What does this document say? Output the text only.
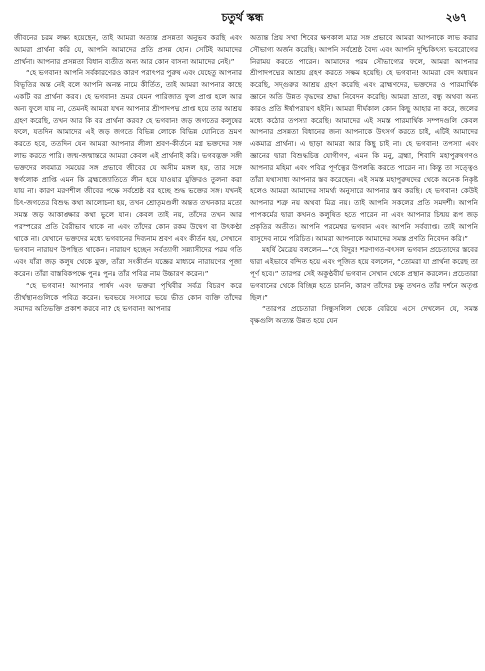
চতুর্থ স্কন্ধ	২৬৭

জীবনের চরম লক্ষ্য হয়েছেন, তাই আমরা অত্যন্ত প্রসন্নতা অনুভব করছি এবং আমরা প্রার্থনা করি যে, আপনি আমাদের প্রতি প্রসন্ন হোন। সেটিই আমাদের প্রার্থনা। আপনার প্রসন্নতা বিধান ব্যতীত অন্য আর কোন বাসনা আমাদের নেই।”

“হে ভগবান! আপনি সর্বকারণেরও কারণ পরাৎপর পুরুষ এবং যেহেতু আপনার বিভূতির অন্ত নেই বলে আপনি অনন্ত নামে কীর্তিত, তাই আমরা আপনার কাছে একটি বর প্রার্থনা করব। হে ভগবান! ভ্রমর যেমন পারিজাত ফুল প্রাপ্ত হলে আর অন্য ফুলে যায় না, তেমনই আমরা যখন আপনার শ্রীপাদপদ্ম প্রাপ্ত হয়ে তার আশ্রয় গ্রহণ করেছি, তখন আর কি বর প্রার্থনা করব? হে ভগবান! জড় জগতের কলুষের ফলে, যতদিন আমাদের এই জড় জগতে বিভিন্ন লোকে বিভিন্ন যোনিতে ভ্রমণ করতে হবে, ততদিন যেন আমরা আপনার লীলা শ্রবণ-কীর্তনে মগ্ন ভক্তদের সঙ্গ লাভ করতে পারি। জন্ম-জন্মান্তরে আমরা কেবল এই প্রার্থনাই করি। ভগবদ্ভক্ত সঙ্গী ভক্তদের লবমাত্র সময়ের সঙ্গ প্রভাবে জীবের যে অসীম মঙ্গল হয়, তার সঙ্গে স্বর্গলোক প্রাপ্তি এমন কি ব্রহ্মজ্যোতিতে লীন হয়ে যাওয়ার মুক্তিরও তুলনা করা যায় না। কারণ মরণশীল জীবের পক্ষে সর্বশ্রেষ্ঠ বর হচ্ছে শুদ্ধ ভক্তের সঙ্গ। যখনই চিৎ-জগতের বিশুদ্ধ কথা আলোচনা হয়, তখন শ্রোতৃমণ্ডলী অন্তত তখনকার মতো সমস্ত জড় আকাঙ্ক্ষার কথা ভুলে যান। কেবল তাই নয়, তাঁদের তখন আর পরস্পরের প্রতি বৈরীভাব থাকে না এবং তাঁদের কোন রকম উদ্বেগ বা উৎকণ্ঠা থাকে না। যেখানে ভক্তদের মধ্যে ভগবানের দিব্যনাম শ্রবণ এবং কীর্তন হয়, সেখানে ভগবান নারায়ণ উপস্থিত থাকেন। নারায়ণ হচ্ছেন সর্বত্যাগী সন্ন্যাসীদের পরম গতি এবং যাঁরা জড় কলুষ থেকে মুক্ত, তাঁরা সংকীর্তন যজ্ঞের মাধ্যমে নারায়ণের পূজা করেন। তাঁরা বাস্তবিকপক্ষে পুনঃ পুনঃ তাঁর পবিত্র নাম উচ্চারণ করেন।”

“হে ভগবান! আপনার পার্ষদ এবং ভক্তরা পৃথিবীর সর্বত্র বিচরণ করে তীর্থস্থানগুলিকে পবিত্র করেন। ভবভয়ে সংসারে ভয়ে ভীত কোন ব্যক্তি তাঁদের সমাদর অতিভক্তি প্রকাশ করবে না? হে ভগবান! আপনার

অত্যন্ত প্রিয় সখা শিবের ক্ষণকাল মাত্র সঙ্গ প্রভাবে আমরা আপনাকে লাভ করার সৌভাগ্য অর্জন করেছি। আপনি সর্বশ্রেষ্ঠ বৈদ্য এবং আপনি দুশ্চিকিৎস্য ভবরোগের নিরাময় করতে পারেন। আমাদের পরম সৌভাগ্যের ফলে, আমরা আপনার শ্রীপাদপদ্মের আশ্রয় গ্রহণ করতে সক্ষম হয়েছি। হে ভগবান! আমরা বেদ অধ্যয়ন করেছি, সদ্গুরুর আশ্রয় গ্রহণ করেছি এবং ব্রাহ্মণদের, ভক্তদের ও পারমার্থিক জ্ঞানে অতি উন্নত বৃদ্ধদের শ্রদ্ধা নিবেদন করেছি। আমরা ভ্রাতা, বন্ধু অথবা অন্য কারও প্রতি ঈর্ষাপরায়ণ হইনি। আমরা দীর্ঘকাল কোন কিছু আহার না করে, জলের মধ্যে কঠোর তপস্যা করেছি। আমাদের এই সমস্ত পারমার্থিক সম্পদগুলি কেবল আপনার প্রসন্নতা বিধানের জন্য আপনাকে উৎসর্গ করতে চাই, এটিই আমাদের একমাত্র প্রার্থনা। এ ছাড়া আমরা আর কিছু চাই না। হে ভগবান! তপস্যা এবং জ্ঞানের দ্বারা বিশুদ্ধচিত্ত যোগীগণ, এমন কি মনু, ব্রহ্মা, শিবাদি মহাপুরুষগণও আপনার মহিমা এবং পবিত্র পূর্ণত্বের উপলব্ধি করতে পারেন না। কিন্তু তা সত্ত্বেও তাঁরা যথাসাধ্য আপনার স্তব করেছেন। এই সমস্ত মহাপুরুষদের থেকে অনেক নিকৃষ্ট হলেও আমরা আমাদের সামর্থ্য অনুসারে আপনার স্তব করছি। হে ভগবান! কেউই আপনার শত্রু নয় অথবা মিত্র নয়। তাই আপনি সকলের প্রতি সমদর্শী। আপনি পাপকর্মের দ্বারা কখনও কলুষিত হতে পারেন না এবং আপনার চিন্ময় রূপ জড় প্রকৃতির অতীত। আপনি পরমেশ্বর ভগবান এবং আপনি সর্বব্যাপ্ত। তাই আপনি বাসুদেব নামে পরিচিত। আমরা আপনাকে আমাদের সমস্ত প্রণতি নিবেদন করি।”

মহর্ষি মৈত্রেয় বললেন—“হে বিদুর! শরণাগত-বৎসল ভগবান প্রচেতাদের স্তবের দ্বারা এইভাবে বন্দিত হয়ে এবং পূজিত হয়ে বললেন, “তোমরা যা প্রার্থনা করেছ তা পূর্ণ হবে।” তারপর সেই অকুণ্ঠবীর্য ভগবান সেখান থেকে প্রস্থান করলেন। প্রচেতারা ভগবানের থেকে বিচ্ছিন্ন হতে চাননি, কারণ তাঁদের চক্ষু তখনও তাঁর দর্শনে অতৃপ্ত ছিল।”

“তারপর প্রচেতারা সিন্ধুসলিল থেকে বেরিয়ে এসে দেখলেন যে, সমস্ত বৃক্ষগুলি অত্যন্ত উন্নত হয়ে যেন
